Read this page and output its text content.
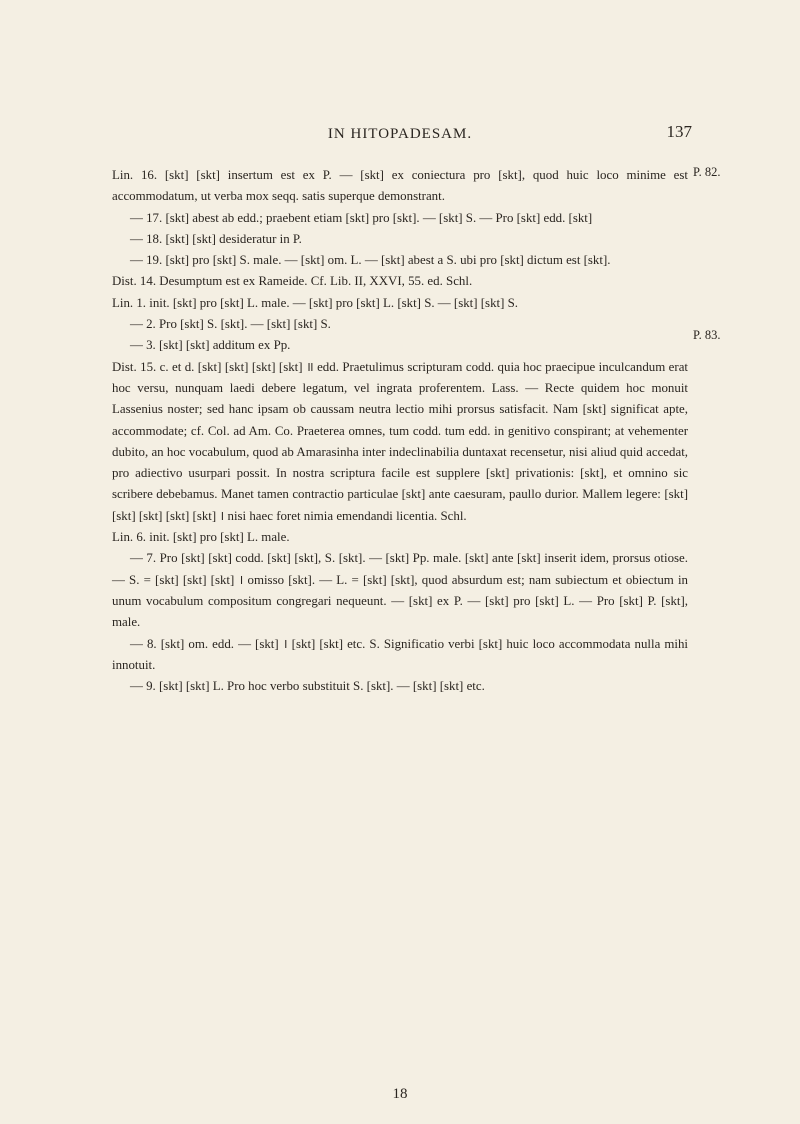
IN HITOPADESAM.	137
P. 82.
P. 83.

Lin. 16. [skt] [skt] insertum est ex P. — [skt] ex coniectura pro [skt], quod huic loco minime est accommodatum, ut verba mox seqq. satis superque demonstrant.

— 17. [skt] abest ab edd.; praebent etiam [skt] pro [skt]. — [skt] S. — Pro [skt] edd. [skt]

— 18. [skt] [skt] desideratur in P.

— 19. [skt] pro [skt] S. male. — [skt] om. L. — [skt] abest a S. ubi pro [skt] dictum est [skt].

Dist. 14. Desumptum est ex Rameide. Cf. Lib. II, XXVI, 55. ed. Schl.

Lin. 1. init. [skt] pro [skt] L. male. — [skt] pro [skt] L. [skt] S. — [skt] [skt] S.

— 2. Pro [skt] S. [skt]. — [skt] [skt] S.

— 3. [skt] [skt] additum ex Pp.

Dist. 15. c. et d. [skt] [skt] [skt] [skt] ॥ edd. Praetulimus scripturam codd. quia hoc praecipue inculcandum erat hoc versu, nunquam laedi debere legatum, vel ingrata proferentem. Lass. — Recte quidem hoc monuit Lassenius noster; sed hanc ipsam ob caussam neutra lectio mihi prorsus satisfacit. Nam [skt] significat apte, accommodate; cf. Col. ad Am. Co. Praeterea omnes, tum codd. tum edd. in genitivo conspirant; at vehementer dubito, an hoc vocabulum, quod ab Amarasinha inter indeclinabilia duntaxat recensetur, nisi aliud quid accedat, pro adiectivo usurpari possit. In nostra scriptura facile est supplere [skt] privationis: [skt], et omnino sic scribere debebamus. Manet tamen contractio particulae [skt] ante caesuram, paullo durior. Mallem legere: [skt] [skt] [skt] [skt] [skt] । nisi haec foret nimia emendandi licentia. Schl.

Lin. 6. init. [skt] pro [skt] L. male.

— 7. Pro [skt] [skt] codd. [skt] [skt], S. [skt]. — [skt] Pp. male. [skt] ante [skt] inserit idem, prorsus otiose. — S. = [skt] [skt] [skt] । omisso [skt]. — L. = [skt] [skt], quod absurdum est; nam subiectum et obiectum in unum vocabulum compositum congregari nequeunt. — [skt] ex P. — [skt] pro [skt] L. — Pro [skt] P. [skt], male.

— 8. [skt] om. edd. — [skt] । [skt] [skt] etc. S. Significatio verbi [skt] huic loco accommodata nulla mihi innotuit.

— 9. [skt] [skt] L. Pro hoc verbo substituit S. [skt]. — [skt] [skt] etc.

18
